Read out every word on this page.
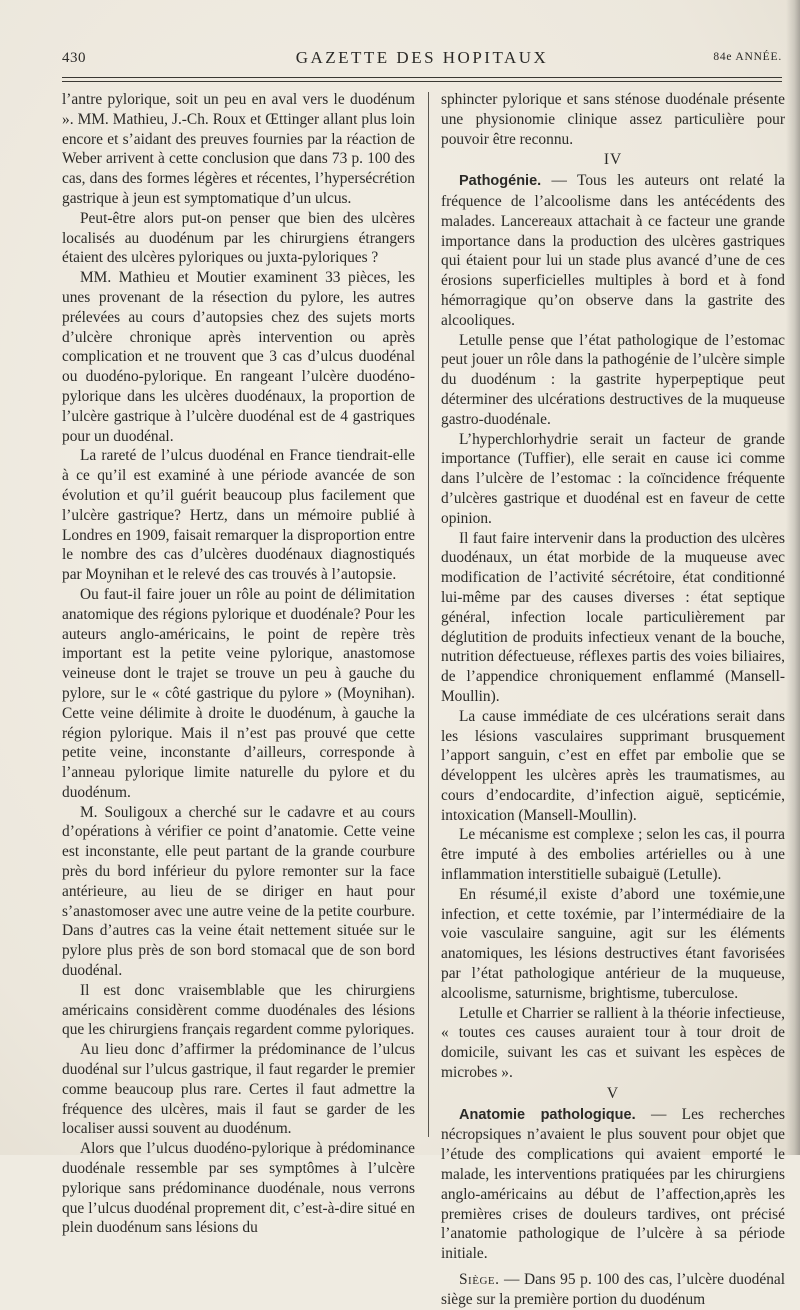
430	GAZETTE DES HOPITAUX	84e ANNÉE.

l’antre pylorique, soit un peu en aval vers le duodénum ». MM. Mathieu, J.-Ch. Roux et Œttinger allant plus loin encore et s’aidant des preuves fournies par la réaction de Weber arrivent à cette conclusion que dans 73 p. 100 des cas, dans des formes légères et récentes, l’hypersécrétion gastrique à jeun est symptomatique d’un ulcus.

Peut-être alors put-on penser que bien des ulcères localisés au duodénum par les chirurgiens étrangers étaient des ulcères pyloriques ou juxta-pyloriques ?

MM. Mathieu et Moutier examinent 33 pièces, les unes provenant de la résection du pylore, les autres prélevées au cours d’autopsies chez des sujets morts d’ulcère chronique après intervention ou après complication et ne trouvent que 3 cas d’ulcus duodénal ou duodéno-pylorique. En rangeant l’ulcère duodéno-pylorique dans les ulcères duodénaux, la proportion de l’ulcère gastrique à l’ulcère duodénal est de 4 gastriques pour un duodénal.

La rareté de l’ulcus duodénal en France tiendrait-elle à ce qu’il est examiné à une période avancée de son évolution et qu’il guérit beaucoup plus facilement que l’ulcère gastrique? Hertz, dans un mémoire publié à Londres en 1909, faisait remarquer la disproportion entre le nombre des cas d’ulcères duodénaux diagnostiqués par Moynihan et le relevé des cas trouvés à l’autopsie.

Ou faut-il faire jouer un rôle au point de délimitation anatomique des régions pylorique et duodénale? Pour les auteurs anglo-américains, le point de repère très important est la petite veine pylorique, anastomose veineuse dont le trajet se trouve un peu à gauche du pylore, sur le « côté gastrique du pylore » (Moynihan). Cette veine délimite à droite le duodénum, à gauche la région pylorique. Mais il n’est pas prouvé que cette petite veine, inconstante d’ailleurs, corresponde à l’anneau pylorique limite naturelle du pylore et du duodénum.

M. Souligoux a cherché sur le cadavre et au cours d’opérations à vérifier ce point d’anatomie. Cette veine est inconstante, elle peut partant de la grande courbure près du bord inférieur du pylore remonter sur la face antérieure, au lieu de se diriger en haut pour s’anastomoser avec une autre veine de la petite courbure. Dans d’autres cas la veine était nettement située sur le pylore plus près de son bord stomacal que de son bord duodénal.

Il est donc vraisemblable que les chirurgiens américains considèrent comme duodénales des lésions que les chirurgiens français regardent comme pyloriques.

Au lieu donc d’affirmer la prédominance de l’ulcus duodénal sur l’ulcus gastrique, il faut regarder le premier comme beaucoup plus rare. Certes il faut admettre la fréquence des ulcères, mais il faut se garder de les localiser aussi souvent au duodénum.

Alors que l’ulcus duodéno-pylorique à prédominance duodénale ressemble par ses symptômes à l’ulcère pylorique sans prédominance duodénale, nous verrons que l’ulcus duodénal proprement dit, c’est-à-dire situé en plein duodénum sans lésions du

sphincter pylorique et sans sténose duodénale présente une physionomie clinique assez particulière pour pouvoir être reconnu.

IV

Pathogénie. — Tous les auteurs ont relaté la fréquence de l’alcoolisme dans les antécédents des malades. Lancereaux attachait à ce facteur une grande importance dans la production des ulcères gastriques qui étaient pour lui un stade plus avancé d’une de ces érosions superficielles multiples à bord et à fond hémorragique qu’on observe dans la gastrite des alcooliques.

Letulle pense que l’état pathologique de l’estomac peut jouer un rôle dans la pathogénie de l’ulcère simple du duodénum : la gastrite hyperpeptique peut déterminer des ulcérations destructives de la muqueuse gastro-duodénale.

L’hyperchlorhydrie serait un facteur de grande importance (Tuffier), elle serait en cause ici comme dans l’ulcère de l’estomac : la coïncidence fréquente d’ulcères gastrique et duodénal est en faveur de cette opinion.

Il faut faire intervenir dans la production des ulcères duodénaux, un état morbide de la muqueuse avec modification de l’activité sécrétoire, état conditionné lui-même par des causes diverses : état septique général, infection locale particulièrement par déglutition de produits infectieux venant de la bouche, nutrition défectueuse, réflexes partis des voies biliaires, de l’appendice chroniquement enflammé (Mansell-Moullin).

La cause immédiate de ces ulcérations serait dans les lésions vasculaires supprimant brusquement l’apport sanguin, c’est en effet par embolie que se développent les ulcères après les traumatismes, au cours d’endocardite, d’infection aiguë, septicémie, intoxication (Mansell-Moullin).

Le mécanisme est complexe ; selon les cas, il pourra être imputé à des embolies artérielles ou à une inflammation interstitielle subaiguë (Letulle).

En résumé,il existe d’abord une toxémie,une infection, et cette toxémie, par l’intermédiaire de la voie vasculaire sanguine, agit sur les éléments anatomiques, les lésions destructives étant favorisées par l’état pathologique antérieur de la muqueuse, alcoolisme, saturnisme, brightisme, tuberculose.

Letulle et Charrier se rallient à la théorie infectieuse, « toutes ces causes auraient tour à tour droit de domicile, suivant les cas et suivant les espèces de microbes ».

V

Anatomie pathologique. — Les recherches nécropsiques n’avaient le plus souvent pour objet que l’étude des complications qui avaient emporté le malade, les interventions pratiquées par les chirurgiens anglo-américains au début de l’affection,après les premières crises de douleurs tardives, ont précisé l’anatomie pathologique de l’ulcère à sa période initiale.

Siège. — Dans 95 p. 100 des cas, l’ulcère duodénal siège sur la première portion du duodénum
